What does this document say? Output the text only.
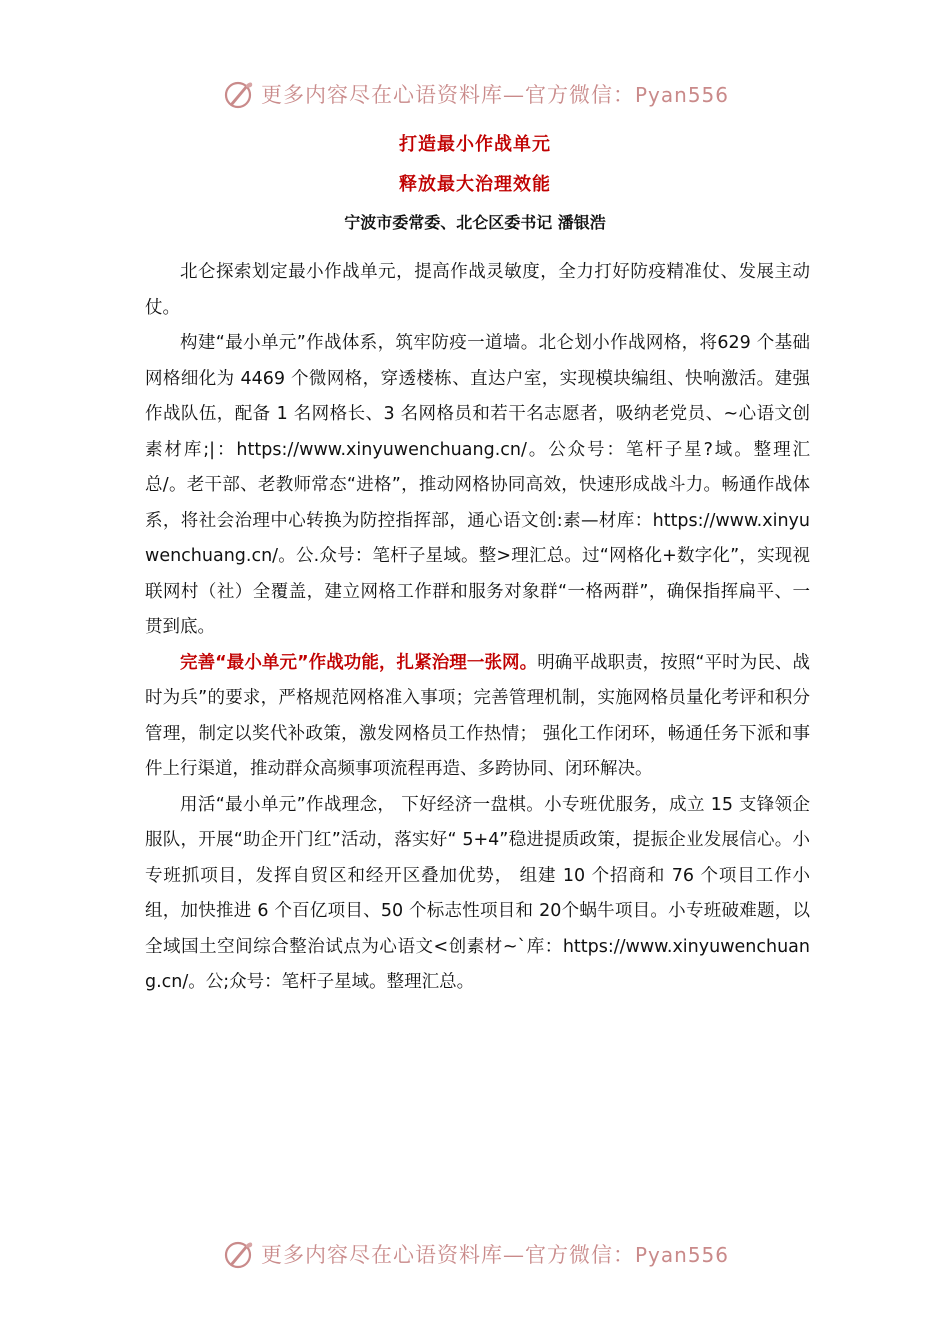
更多内容尽在心语资料库—官方微信：Pyan556
打造最小作战单元
释放最大治理效能
宁波市委常委、北仑区委书记 潘银浩

北仑探索划定最小作战单元，提高作战灵敏度，全力打好防疫精准仗、发展主动仗。

构建“最小单元”作战体系，筑牢防疫一道墙。北仑划小作战网格，将629 个基础网格细化为 4469 个微网格，穿透楼栋、直达户室，实现模块编组、快响激活。建强作战队伍，配备 1 名网格长、3 名网格员和若干名志愿者，吸纳老党员、~心语文创素材库;|：https://www.xinyuwenchuang.cn/。公众号：笔杆子星?域。整理汇总/。老干部、老教师常态“进格”，推动网格协同高效，快速形成战斗力。畅通作战体系，将社会治理中心转换为防控指挥部，通心语文创:素—材库：https://www.xinyuwenchuang.cn/。公.众号：笔杆子星域。整>理汇总。过“网格化+数字化”，实现视联网村（社）全覆盖，建立网格工作群和服务对象群“一格两群”，确保指挥扁平、一贯到底。

完善“最小单元”作战功能，扎紧治理一张网。明确平战职责，按照“平时为民、战时为兵”的要求，严格规范网格准入事项；完善管理机制，实施网格员量化考评和积分管理，制定以奖代补政策，激发网格员工作热情； 强化工作闭环，畅通任务下派和事件上行渠道，推动群众高频事项流程再造、多跨协同、闭环解决。

用活“最小单元”作战理念， 下好经济一盘棋。小专班优服务，成立 15 支锋领企服队，开展“助企开门红”活动，落实好“ 5+4”稳进提质政策，提振企业发展信心。小专班抓项目，发挥自贸区和经开区叠加优势， 组建 10 个招商和 76 个项目工作小组，加快推进 6 个百亿项目、50 个标志性项目和 20个蜗牛项目。小专班破难题，以全域国土空间综合整治试点为心语文<创素材~`库：https://www.xinyuwenchuang.cn/。公;众号：笔杆子星域。整理汇总。

更多内容尽在心语资料库—官方微信：Pyan556
